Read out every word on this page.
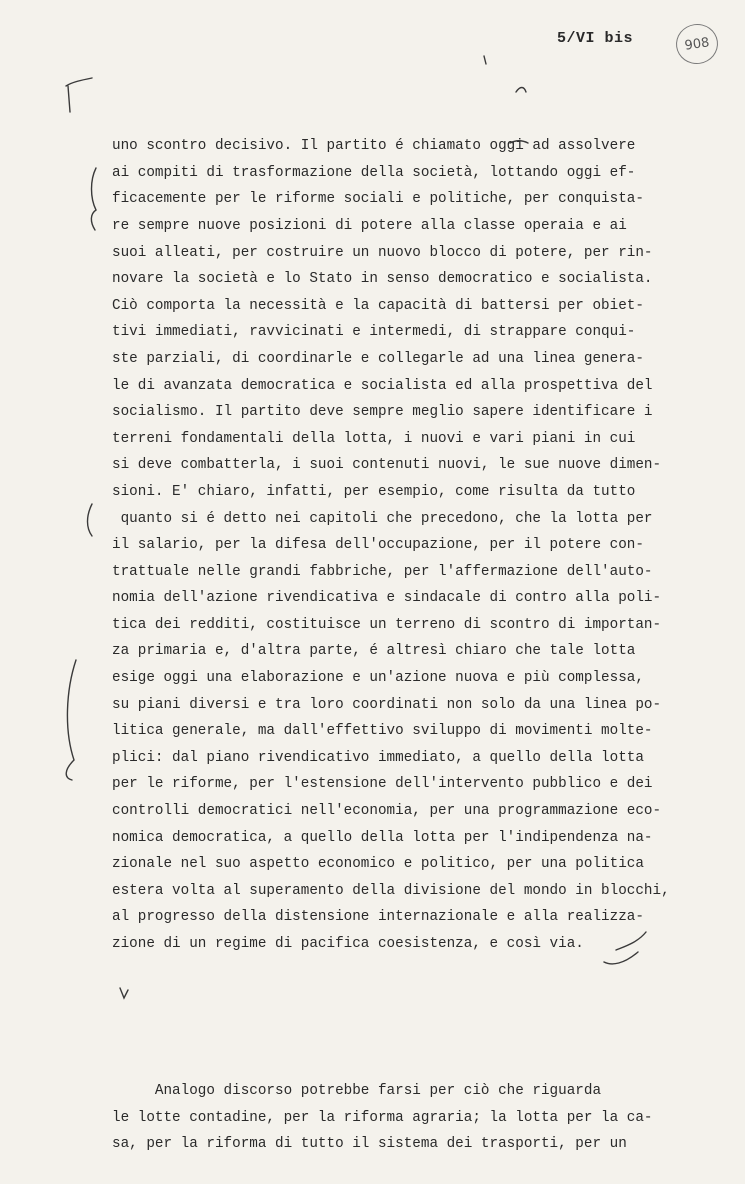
5/VI bis	908

uno scontro decisivo. Il partito é chiamato oggi ad assolvere
ai compiti di trasformazione della società, lottando oggi ef-
ficacemente per le riforme sociali e politiche, per conquista-
re sempre nuove posizioni di potere alla classe operaia e ai
suoi alleati, per costruire un nuovo blocco di potere, per rin-
novare la società e lo Stato in senso democratico e socialista.
Ciò comporta la necessità e la capacità di battersi per obiet-
tivi immediati, ravvicinati e intermedi, di strappare conqui-
ste parziali, di coordinarle e collegarle ad una linea genera-
le di avanzata democratica e socialista ed alla prospettiva del
socialismo. Il partito deve sempre meglio sapere identificare i
terreni fondamentali della lotta, i nuovi e vari piani in cui
si deve combatterla, i suoi contenuti nuovi, le sue nuove dimen-
sioni. E' chiaro, infatti, per esempio, come risulta da tutto
quanto si é detto nei capitoli che precedono, che la lotta per
il salario, per la difesa dell'occupazione, per il potere con-
trattuale nelle grandi fabbriche, per l'affermazione dell'auto-
nomia dell'azione rivendicativa e sindacale di contro alla poli-
tica dei redditi, costituisce un terreno di scontro di importan-
za primaria e, d'altra parte, é altresì chiaro che tale lotta
esige oggi una elaborazione e un'azione nuova e più complessa,
su piani diversi e tra loro coordinati non solo da una linea po-
litica generale, ma dall'effettivo sviluppo di movimenti molte-
plici: dal piano rivendicativo immediato, a quello della lotta
per le riforme, per l'estensione dell'intervento pubblico e dei
controlli democratici nell'economia, per una programmazione eco-
nomica democratica, a quello della lotta per l'indipendenza na-
zionale nel suo aspetto economico e politico, per una politica
estera volta al superamento della divisione del mondo in blocchi,
al progresso della distensione internazionale e alla realizza-
zione di un regime di pacifica coesistenza, e così via.

Analogo discorso potrebbe farsi per ciò che riguarda
le lotte contadine, per la riforma agraria; la lotta per la ca-
sa, per la riforma di tutto il sistema dei trasporti, per un
